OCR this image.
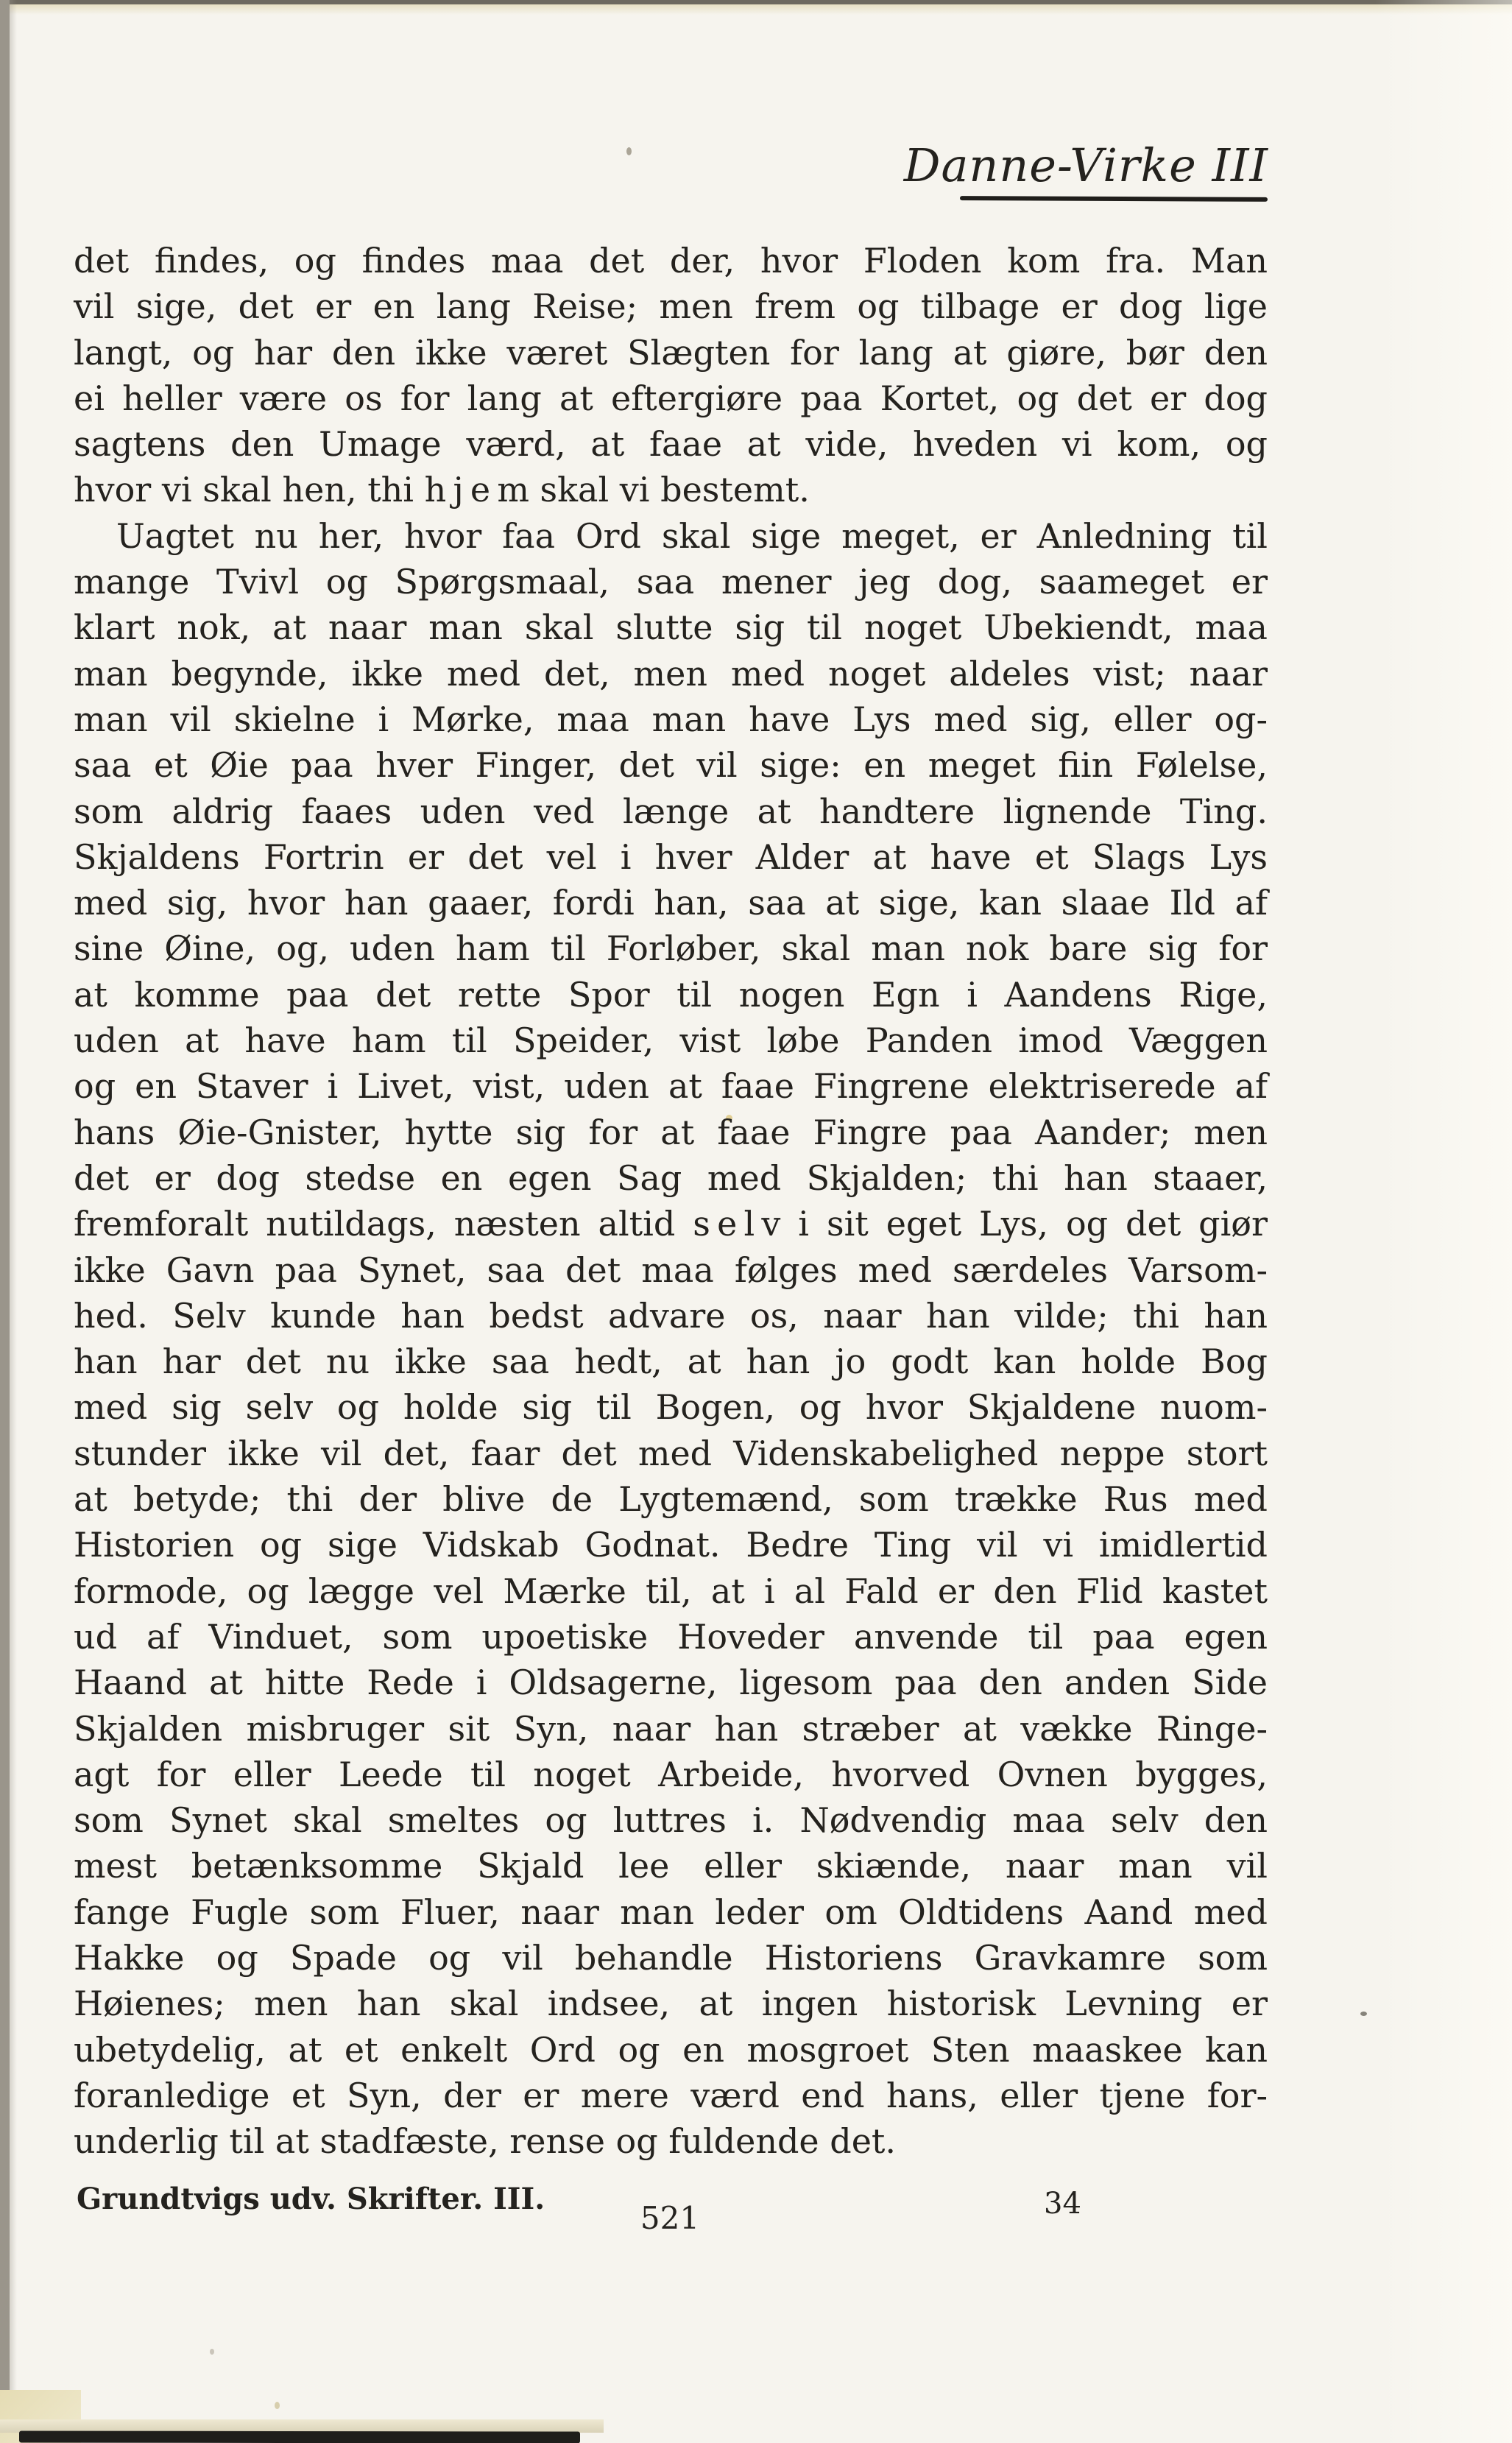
Danne-Virke III
det findes, og findes maa det der, hvor Floden kom fra. Man
vil sige, det er en lang Reise; men frem og tilbage er dog lige
langt, og har den ikke været Slægten for lang at giøre, bør den
ei heller være os for lang at eftergiøre paa Kortet, og det er dog
sagtens den Umage værd, at faae at vide, hveden vi kom, og
hvor vi skal hen, thi h j e m skal vi bestemt.
Uagtet nu her, hvor faa Ord skal sige meget, er Anledning til
mange Tvivl og Spørgsmaal, saa mener jeg dog, saameget er
klart nok, at naar man skal slutte sig til noget Ubekiendt, maa
man begynde, ikke med det, men med noget aldeles vist; naar
man vil skielne i Mørke, maa man have Lys med sig, eller og-
saa et Øie paa hver Finger, det vil sige: en meget fiin Følelse,
som aldrig faaes uden ved længe at handtere lignende Ting.
Skjaldens Fortrin er det vel i hver Alder at have et Slags Lys
med sig, hvor han gaaer, fordi han, saa at sige, kan slaae Ild af
sine Øine, og, uden ham til Forløber, skal man nok bare sig for
at komme paa det rette Spor til nogen Egn i Aandens Rige,
uden at have ham til Speider, vist løbe Panden imod Væggen
og en Staver i Livet, vist, uden at faae Fingrene elektriserede af
hans Øie-Gnister, hytte sig for at faae Fingre paa Aander; men
det er dog stedse en egen Sag med Skjalden; thi han staaer,
fremforalt nutildags, næsten altid s e l v i sit eget Lys, og det giør
ikke Gavn paa Synet, saa det maa følges med særdeles Varsom-
hed. Selv kunde han bedst advare os, naar han vilde; thi han
han har det nu ikke saa hedt, at han jo godt kan holde Bog
med sig selv og holde sig til Bogen, og hvor Skjaldene nuom-
stunder ikke vil det, faar det med Videnskabelighed neppe stort
at betyde; thi der blive de Lygtemænd, som trække Rus med
Historien og sige Vidskab Godnat. Bedre Ting vil vi imidlertid
formode, og lægge vel Mærke til, at i al Fald er den Flid kastet
ud af Vinduet, som upoetiske Hoveder anvende til paa egen
Haand at hitte Rede i Oldsagerne, ligesom paa den anden Side
Skjalden misbruger sit Syn, naar han stræber at vække Ringe-
agt for eller Leede til noget Arbeide, hvorved Ovnen bygges,
som Synet skal smeltes og luttres i. Nødvendig maa selv den
mest betænksomme Skjald lee eller skiænde, naar man vil
fange Fugle som Fluer, naar man leder om Oldtidens Aand med
Hakke og Spade og vil behandle Historiens Gravkamre som
Høienes; men han skal indsee, at ingen historisk Levning er
ubetydelig, at et enkelt Ord og en mosgroet Sten maaskee kan
foranledige et Syn, der er mere værd end hans, eller tjene for-
underlig til at stadfæste, rense og fuldende det.
Grundtvigs udv. Skrifter. III.
521	34
